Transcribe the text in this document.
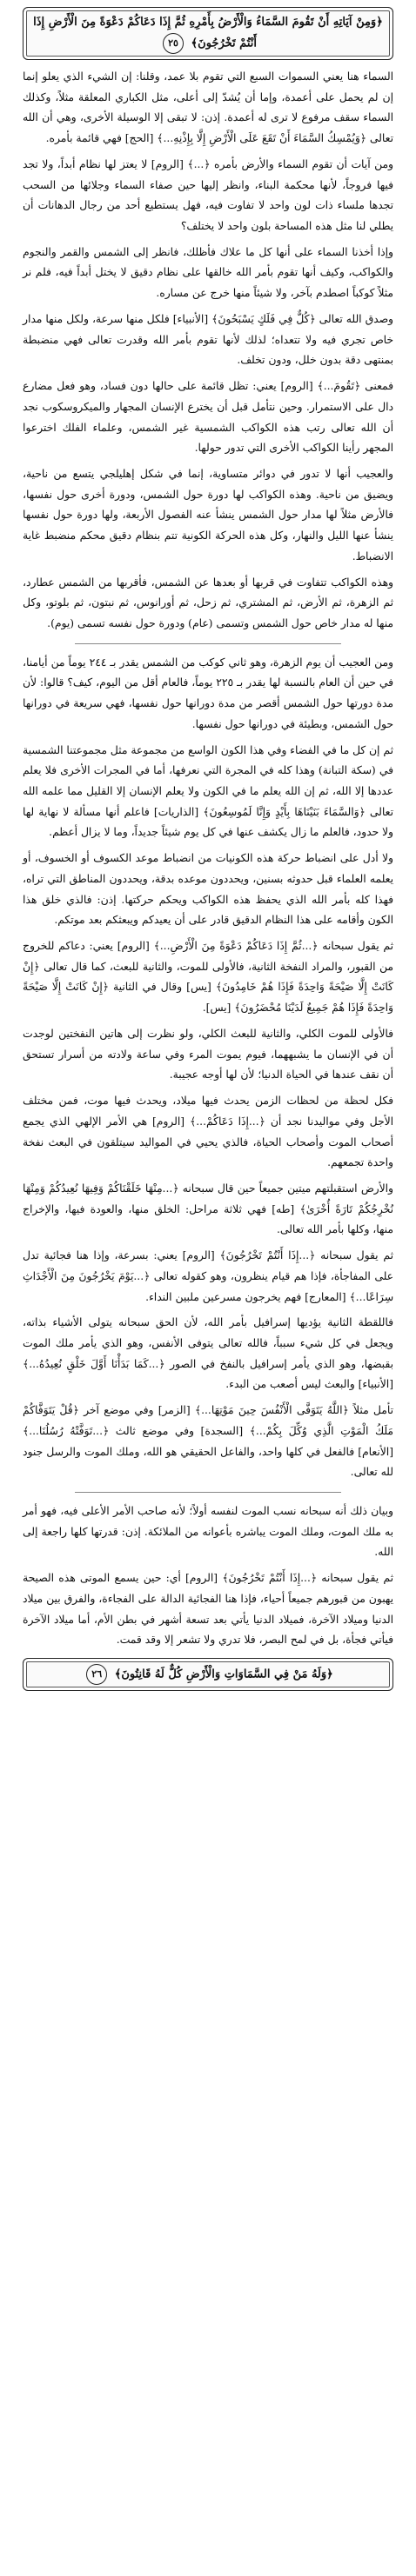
﴿وَمِنْ آيَاتِهِ أَنْ تَقُومَ السَّمَاءُ وَالْأَرْضُ بِأَمْرِهِ ثُمَّ إِذَا دَعَاكُمْ دَعْوَةً مِنَ الْأَرْضِ إِذَا أَنْتُمْ تَخْرُجُونَ﴾ ٢٥

السماء هنا يعني السموات السبع التي تقوم بلا عمد، وقلنا: إن الشيء الذي يعلو إنما إن لم يحمل على أعمدة، وإما أن يُشدّ إلى أعلى، مثل الكباري المعلقة مثلاً، وكذلك السماء سقف مرفوع لا ترى له أعمدة. إذن: لا تبقى إلا الوسيلة الأخرى، وهي أن الله تعالى ﴿وَيُمْسِكُ السَّمَاءَ أَنْ تَقَعَ عَلَى الْأَرْضِ إِلَّا بِإِذْنِهِ...﴾ [الحج] فهي قائمة بأمره.

ومن آيات أن تقوم السماء والأرض بأمره ﴿...﴾ [الروم] لا يعتز لها نظام أبداً، ولا تجد فيها فروجاً، لأنها محكمة البناء، وانظر إليها حين صفاء السماء وجلائها من السحب تجدها ملساء ذات لون واحد لا تفاوت فيه، فهل يستطيع أحد من رجال الدهانات أن يطلي لنا مثل هذه المساحة بلون واحد لا يختلف؟

وإذا أخذنا السماء على أنها كل ما علاك فأظلك، فانظر إلى الشمس والقمر والنجوم والكواكب، وكيف أنها تقوم بأمر الله خالقها على نظام دقيق لا يختل أبداً فيه، فلم نر مثلاً كوكباً اصطدم بآخر، ولا شيئاً منها خرج عن مساره.

وصدق الله تعالى ﴿كُلٌّ فِي فَلَكٍ يَسْبَحُونَ﴾ [الأنبياء] فلكل منها سرعة، ولكل منها مدار خاص تجري فيه ولا تتعداه؛ لذلك لأنها تقوم بأمر الله وقدرت تعالى فهي منضبطة بمنتهى دقة بدون خلل، ودون تخلف.

فمعنى ﴿تَقُومَ...﴾ [الروم] يعني: تظل قائمة على حالها دون فساد، وهو فعل مضارع دال على الاستمرار. وحين نتأمل قبل أن يخترع الإنسان المجهار والميكروسكوب نجد أن الله تعالى رتب هذه الكواكب الشمسية غير الشمس، وعلماء الفلك اخترعوا المجهر رأينا الكواكب الأخرى التي تدور حولها.

والعجيب أنها لا تدور في دوائر متساوية، إنما في شكل إهليلجي يتسع من ناحية، ويضيق من ناحية. وهذه الكواكب لها دورة حول الشمس، ودورة أخرى حول نفسها، فالأرض مثلاً لها مدار حول الشمس ينشأ عنه الفصول الأربعة، ولها دورة حول نفسها ينشأ عنها الليل والنهار، وكل هذه الحركة الكونية تتم بنظام دقيق محكم منضبط غاية الانضباط.

وهذه الكواكب تتفاوت في قربها أو بعدها عن الشمس، فأقربها من الشمس عطارد، ثم الزهرة، ثم الأرض، ثم المشتري، ثم زحل، ثم أورانوس، ثم نبتون، ثم بلوتو، وكل منها له مدار خاص حول الشمس وتسمى (عام) ودورة حول نفسه تسمى (يوم).

ومن العجيب أن يوم الزهرة، وهو ثاني كوكب من الشمس يقدر بـ ٢٤٤ يوماً من أيامنا، في حين أن العام بالنسبة لها يقدر بـ ٢٢٥ يوماً، فالعام أقل من اليوم، كيف؟ قالوا: لأن مدة دورتها حول الشمس أقصر من مدة دورانها حول نفسها، فهي سريعة في دورانها حول الشمس، وبطيئة في دورانها حول نفسها.

ثم إن كل ما في الفضاء وفي هذا الكون الواسع من مجموعة مثل مجموعتنا الشمسية في (سكة التبانة) وهذا كله في المجرة التي نعرفها، أما في المجرات الأخرى فلا يعلم عددها إلا الله، ثم إن الله يعلم ما في الكون ولا يعلم الإنسان إلا القليل مما علمه الله تعالى ﴿وَالسَّمَاءَ بَنَيْنَاهَا بِأَيْدٍ وَإِنَّا لَمُوسِعُونَ﴾ [الذاريات] فاعلم أنها مسألة لا نهاية لها ولا حدود، فالعلم ما زال يكشف عنها في كل يوم شيئاً جديداً، وما لا يزال أعظم.

ولا أدل على انضباط حركة هذه الكونيات من انضباط موعد الكسوف أو الخسوف، أو يعلمه العلماء قبل حدوثه بسنين، ويحددون موعده بدقة، ويحددون المناطق التي تراه، فهذا كله بأمر الله الذي يحفظ هذه الكواكب ويحكم حركتها. إذن: فالذي خلق هذا الكون وأقامه على هذا النظام الدقيق قادر على أن يعيدكم ويبعثكم بعد موتكم.

ثم يقول سبحانه ﴿...ثُمَّ إِذَا دَعَاكُمْ دَعْوَةً مِنَ الْأَرْضِ...﴾ [الروم] يعني: دعاكم للخروج من القبور، والمراد النفخة الثانية، فالأولى للموت، والثانية للبعث، كما قال تعالى ﴿إِنْ كَانَتْ إِلَّا صَيْحَةً وَاحِدَةً فَإِذَا هُمْ خَامِدُونَ﴾ [يس] وقال في الثانية ﴿إِنْ كَانَتْ إِلَّا صَيْحَةً وَاحِدَةً فَإِذَا هُمْ جَمِيعٌ لَدَيْنَا مُحْضَرُونَ﴾ [يس].

فالأولى للموت الكلي، والثانية للبعث الكلي، ولو نظرت إلى هاتين النفختين لوجدت أن في الإنسان ما يشبههما، فيوم يموت المرء وفي ساعة ولادته من أسرار تستحق أن نقف عندها في الحياة الدنيا؛ لأن لها أوجه عجيبة.

فكل لحظة من لحظات الزمن يحدث فيها ميلاد، ويحدث فيها موت، فمن مختلف الأجل وفي مواليدنا نجد أن ﴿...إِذَا دَعَاكُمْ...﴾ [الروم] هي الأمر الإلهي الذي يجمع أصحاب الموت وأصحاب الحياة، فالذي يحيي في المواليد سيتلقون في البعث نفخة واحدة تجمعهم.

والأرض استقبلتهم ميتين جميعاً حين قال سبحانه ﴿...مِنْهَا خَلَقْنَاكُمْ وَفِيهَا نُعِيدُكُمْ وَمِنْهَا نُخْرِجُكُمْ تَارَةً أُخْرَىٰ﴾ [طه] فهي ثلاثة مراحل: الخلق منها، والعودة فيها، والإخراج منها، وكلها بأمر الله تعالى.

ثم يقول سبحانه ﴿...إِذَا أَنْتُمْ تَخْرُجُونَ﴾ [الروم] يعني: بسرعة، وإذا هنا فجائية تدل على المفاجأة، فإذا هم قيام ينظرون، وهو كقوله تعالى ﴿...يَوْمَ يَخْرُجُونَ مِنَ الْأَجْدَاثِ سِرَاعًا...﴾ [المعارج] فهم يخرجون مسرعين ملبين النداء.

فاللقطة الثانية يؤديها إسرافيل بأمر الله، لأن الحق سبحانه يتولى الأشياء بذاته، ويجعل في كل شيء سبباً، فالله تعالى يتوفى الأنفس، وهو الذي يأمر ملك الموت بقبضها، وهو الذي يأمر إسرافيل بالنفخ في الصور ﴿...كَمَا بَدَأْنَا أَوَّلَ خَلْقٍ نُعِيدُهُ...﴾ [الأنبياء] والبعث ليس أصعب من البدء.

تأمل مثلاً ﴿اللَّهُ يَتَوَفَّى الْأَنْفُسَ حِينَ مَوْتِهَا...﴾ [الزمر] وفي موضع آخر ﴿قُلْ يَتَوَفَّاكُمْ مَلَكُ الْمَوْتِ الَّذِي وُكِّلَ بِكُمْ...﴾ [السجدة] وفي موضع ثالث ﴿...تَوَفَّتْهُ رُسُلُنَا...﴾ [الأنعام] فالفعل في كلها واحد، والفاعل الحقيقي هو الله، وملك الموت والرسل جنود لله تعالى.

وبيان ذلك أنه سبحانه نسب الموت لنفسه أولاً؛ لأنه صاحب الأمر الأعلى فيه، فهو أمر به ملك الموت، وملك الموت يباشره بأعوانه من الملائكة. إذن: قدرتها كلها راجعة إلى الله.

ثم يقول سبحانه ﴿...إِذَا أَنْتُمْ تَخْرُجُونَ﴾ [الروم] أي: حين يسمع الموتى هذه الصيحة يهبون من قبورهم جميعاً أحياء، فإذا هنا الفجائية الدالة على الفجاءة، والفرق بين ميلاد الدنيا وميلاد الآخرة، فميلاد الدنيا يأتي بعد تسعة أشهر في بطن الأم، أما ميلاد الآخرة فيأتي فجأة، بل في لمح البصر، فلا تدري ولا تشعر إلا وقد قمت.

﴿وَلَهُ مَنْ فِي السَّمَاوَاتِ وَالْأَرْضِ كُلٌّ لَهُ قَانِتُونَ﴾ ٢٦
